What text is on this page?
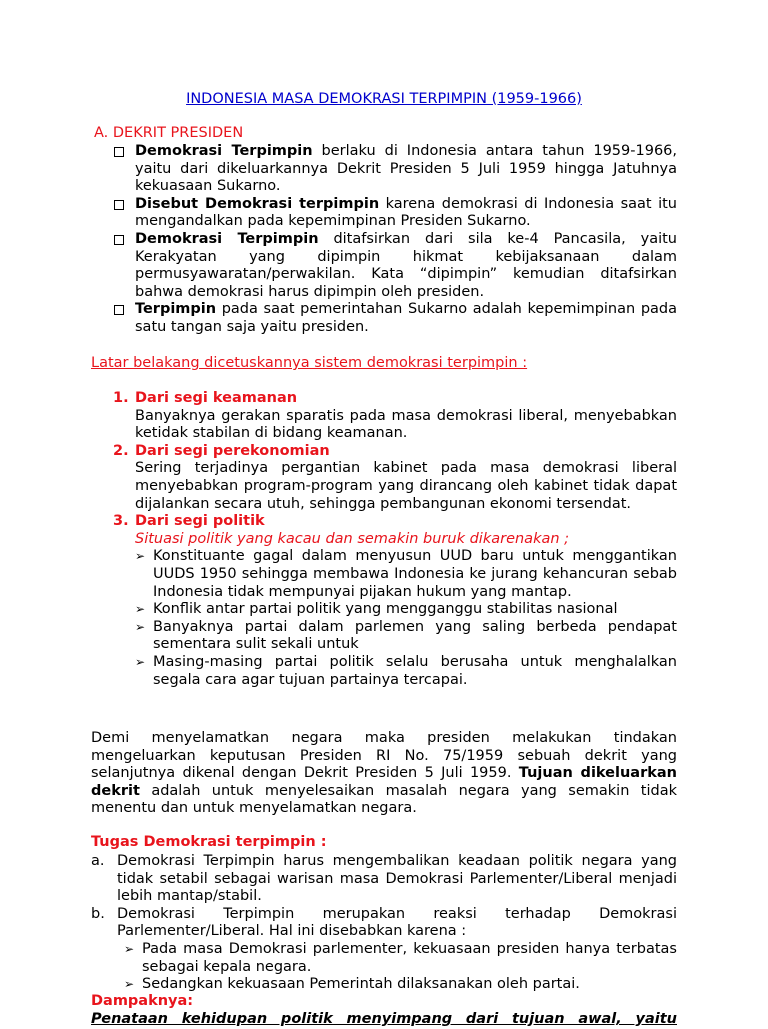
INDONESIA MASA DEMOKRASI TERPIMPIN (1959-1966)
A. DEKRIT PRESIDEN
Demokrasi Terpimpin berlaku di Indonesia antara tahun 1959-1966, yaitu dari dikeluarkannya Dekrit Presiden 5 Juli 1959 hingga Jatuhnya kekuasaan Sukarno.
Disebut Demokrasi terpimpin karena demokrasi di Indonesia saat itu mengandalkan pada kepemimpinan Presiden Sukarno.
Demokrasi Terpimpin ditafsirkan dari sila ke-4 Pancasila, yaitu Kerakyatan yang dipimpin hikmat kebijaksanaan dalam permusyawaratan/perwakilan. Kata “dipimpin” kemudian ditafsirkan bahwa demokrasi harus dipimpin oleh presiden.
Terpimpin pada saat pemerintahan Sukarno adalah kepemimpinan pada satu tangan saja yaitu presiden.
Latar belakang dicetuskannya sistem demokrasi terpimpin :
1. Dari segi keamanan
Banyaknya gerakan sparatis pada masa demokrasi liberal, menyebabkan ketidak stabilan di bidang keamanan.
2. Dari segi perekonomian
Sering terjadinya pergantian kabinet pada masa demokrasi liberal menyebabkan program-program yang dirancang oleh kabinet tidak dapat dijalankan secara utuh, sehingga pembangunan ekonomi tersendat.
3. Dari segi politik
Situasi politik yang kacau dan semakin buruk dikarenakan ;
➢ Konstituante gagal dalam menyusun UUD baru untuk menggantikan UUDS 1950 sehingga membawa Indonesia ke jurang kehancuran sebab Indonesia tidak mempunyai pijakan hukum yang mantap.
➢ Konflik antar partai politik yang mengganggu stabilitas nasional
➢ Banyaknya partai dalam parlemen yang saling berbeda pendapat sementara sulit sekali untuk
➢ Masing-masing partai politik selalu berusaha untuk menghalalkan segala cara agar tujuan partainya tercapai.
Demi menyelamatkan negara maka presiden melakukan tindakan mengeluarkan keputusan Presiden RI No. 75/1959 sebuah dekrit yang selanjutnya dikenal dengan Dekrit Presiden 5 Juli 1959. Tujuan dikeluarkan dekrit adalah untuk menyelesaikan masalah negara yang semakin tidak menentu dan untuk menyelamatkan negara.
Tugas Demokrasi terpimpin :
a. Demokrasi Terpimpin harus mengembalikan keadaan politik negara yang tidak setabil sebagai warisan masa Demokrasi Parlementer/Liberal menjadi lebih mantap/stabil.
b. Demokrasi Terpimpin merupakan reaksi terhadap Demokrasi Parlementer/Liberal. Hal ini disebabkan karena :
➢ Pada masa Demokrasi parlementer, kekuasaan presiden hanya terbatas sebagai kepala negara.
➢ Sedangkan kekuasaan Pemerintah dilaksanakan oleh partai.
Dampaknya:
Penataan kehidupan politik menyimpang dari tujuan awal, yaitu
